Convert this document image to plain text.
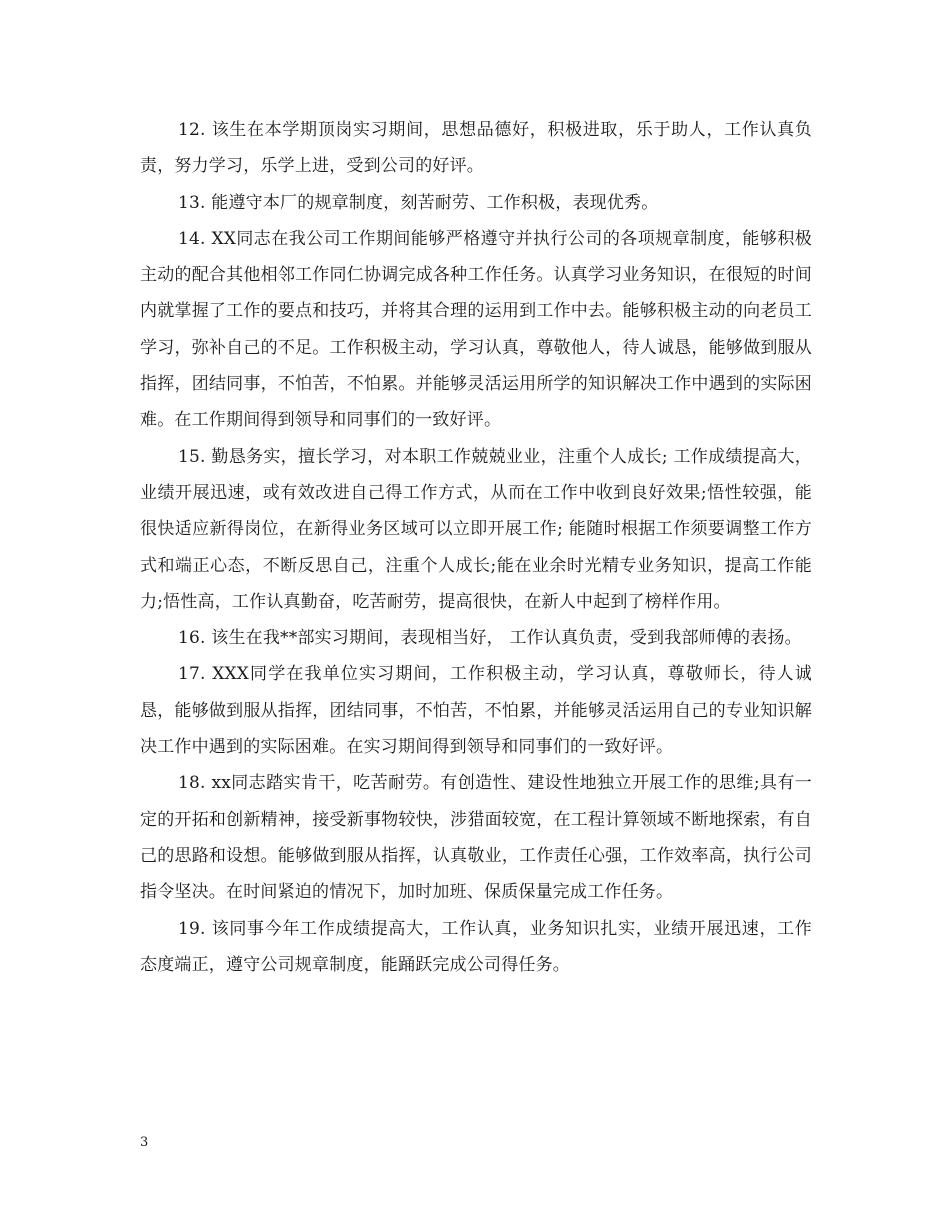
12. 该生在本学期顶岗实习期间，思想品德好，积极进取，乐于助人，工作认真负责，努力学习，乐学上进，受到公司的好评。

13. 能遵守本厂的规章制度，刻苦耐劳、工作积极，表现优秀。

14. XX同志在我公司工作期间能够严格遵守并执行公司的各项规章制度，能够积极主动的配合其他相邻工作同仁协调完成各种工作任务。认真学习业务知识，在很短的时间内就掌握了工作的要点和技巧，并将其合理的运用到工作中去。能够积极主动的向老员工学习，弥补自己的不足。工作积极主动，学习认真，尊敬他人，待人诚恳，能够做到服从指挥，团结同事，不怕苦，不怕累。并能够灵活运用所学的知识解决工作中遇到的实际困难。在工作期间得到领导和同事们的一致好评。

15. 勤恳务实，擅长学习，对本职工作兢兢业业，注重个人成长; 工作成绩提高大，业绩开展迅速，或有效改进自己得工作方式，从而在工作中收到良好效果;悟性较强，能很快适应新得岗位，在新得业务区域可以立即开展工作; 能随时根据工作须要调整工作方式和端正心态，不断反思自己，注重个人成长;能在业余时光精专业务知识，提高工作能力;悟性高，工作认真勤奋，吃苦耐劳，提高很快，在新人中起到了榜样作用。

16. 该生在我**部实习期间，表现相当好， 工作认真负责，受到我部师傅的表扬。

17. XXX同学在我单位实习期间，工作积极主动，学习认真，尊敬师长，待人诚恳，能够做到服从指挥，团结同事，不怕苦，不怕累，并能够灵活运用自己的专业知识解决工作中遇到的实际困难。在实习期间得到领导和同事们的一致好评。

18. xx同志踏实肯干，吃苦耐劳。有创造性、建设性地独立开展工作的思维;具有一定的开拓和创新精神，接受新事物较快，涉猎面较宽，在工程计算领域不断地探索，有自己的思路和设想。能够做到服从指挥，认真敬业，工作责任心强，工作效率高，执行公司指令坚决。在时间紧迫的情况下，加时加班、保质保量完成工作任务。

19. 该同事今年工作成绩提高大，工作认真，业务知识扎实，业绩开展迅速，工作态度端正，遵守公司规章制度，能踊跃完成公司得任务。

3
